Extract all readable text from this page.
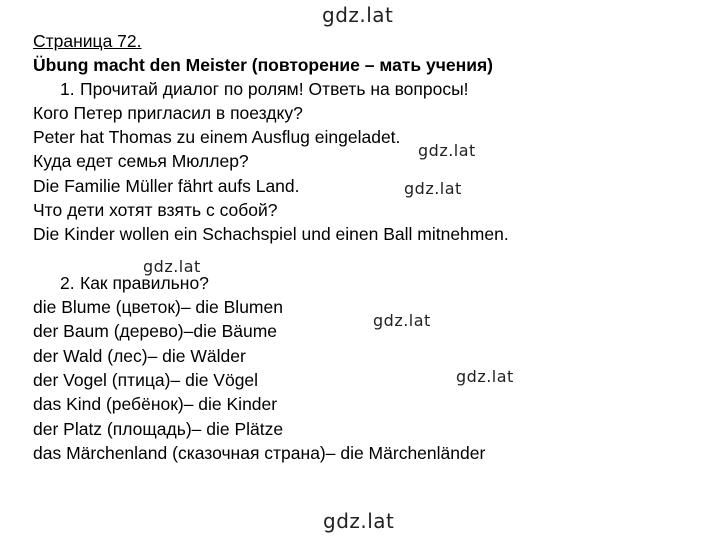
gdz.lat
gdz.lat
gdz.lat
gdz.lat
gdz.lat
gdz.lat
gdz.lat
Страница 72.
Übung macht den Meister (повторение – мать учения)
1. Прочитай диалог по ролям! Ответь на вопросы!
Кого Петер пригласил в поездку?
Peter hat Thomas zu einem Ausflug eingeladet.
Куда едет семья Мюллер?
Die Familie Müller fährt aufs Land.
Что дети хотят взять с собой?
Die Kinder wollen ein Schachspiel und einen Ball mitnehmen.
2. Как правильно?
die Blume (цветок)– die Blumen
der Baum (дерево)–die Bäume
der Wald (лес)– die Wälder
der Vogel (птица)– die Vögel
das Kind (ребёнок)– die Kinder
der Platz (площадь)– die Plätze
das Märchenland (сказочная страна)– die Märchenländer
